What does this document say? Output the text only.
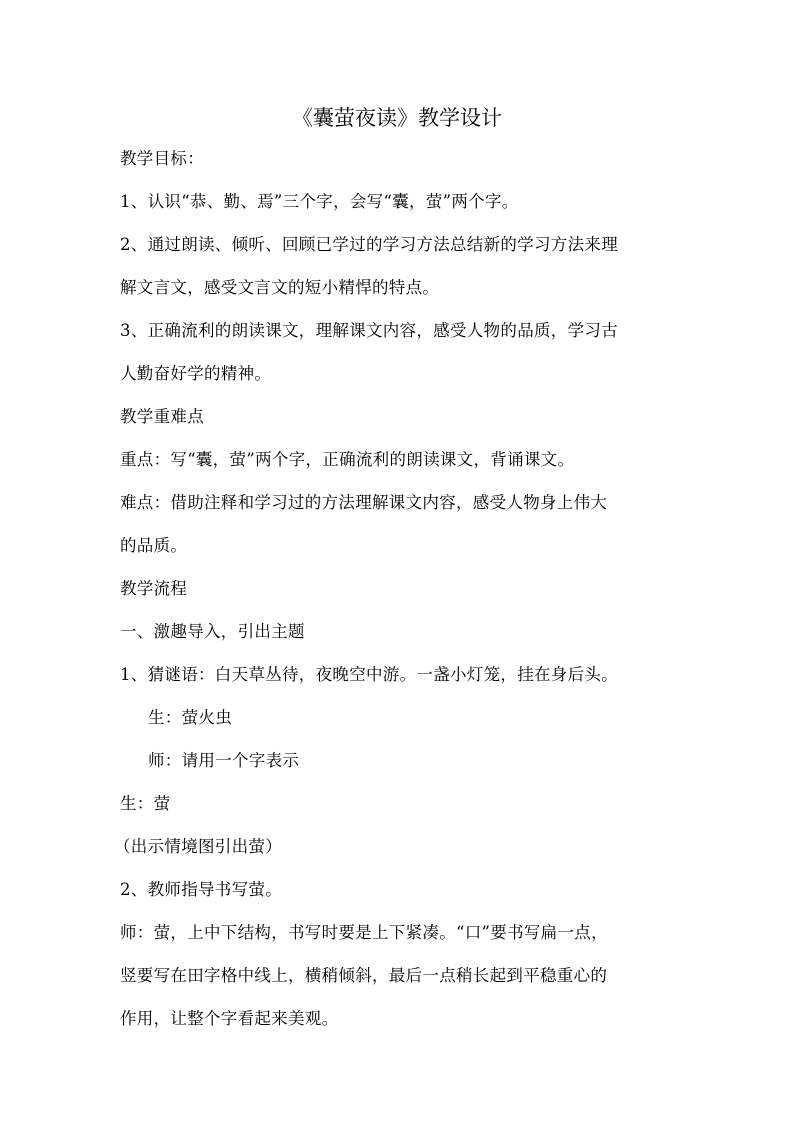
《囊萤夜读》教学设计
教学目标：
1、认识“恭、勤、焉”三个字，会写“囊，萤”两个字。
2、通过朗读、倾听、回顾已学过的学习方法总结新的学习方法来理
解文言文，感受文言文的短小精悍的特点。
3、正确流利的朗读课文，理解课文内容，感受人物的品质，学习古
人勤奋好学的精神。
教学重难点
重点：写“囊，萤”两个字，正确流利的朗读课文，背诵课文。
难点：借助注释和学习过的方法理解课文内容，感受人物身上伟大
的品质。
教学流程
一、激趣导入，引出主题
1、猜谜语：白天草丛待，夜晚空中游。一盏小灯笼，挂在身后头。
生：萤火虫
师：请用一个字表示
生：萤
（出示情境图引出萤）
2、教师指导书写萤。
师：萤，上中下结构，书写时要是上下紧凑。“口”要书写扁一点，
竖要写在田字格中线上，横稍倾斜，最后一点稍长起到平稳重心的
作用，让整个字看起来美观。
